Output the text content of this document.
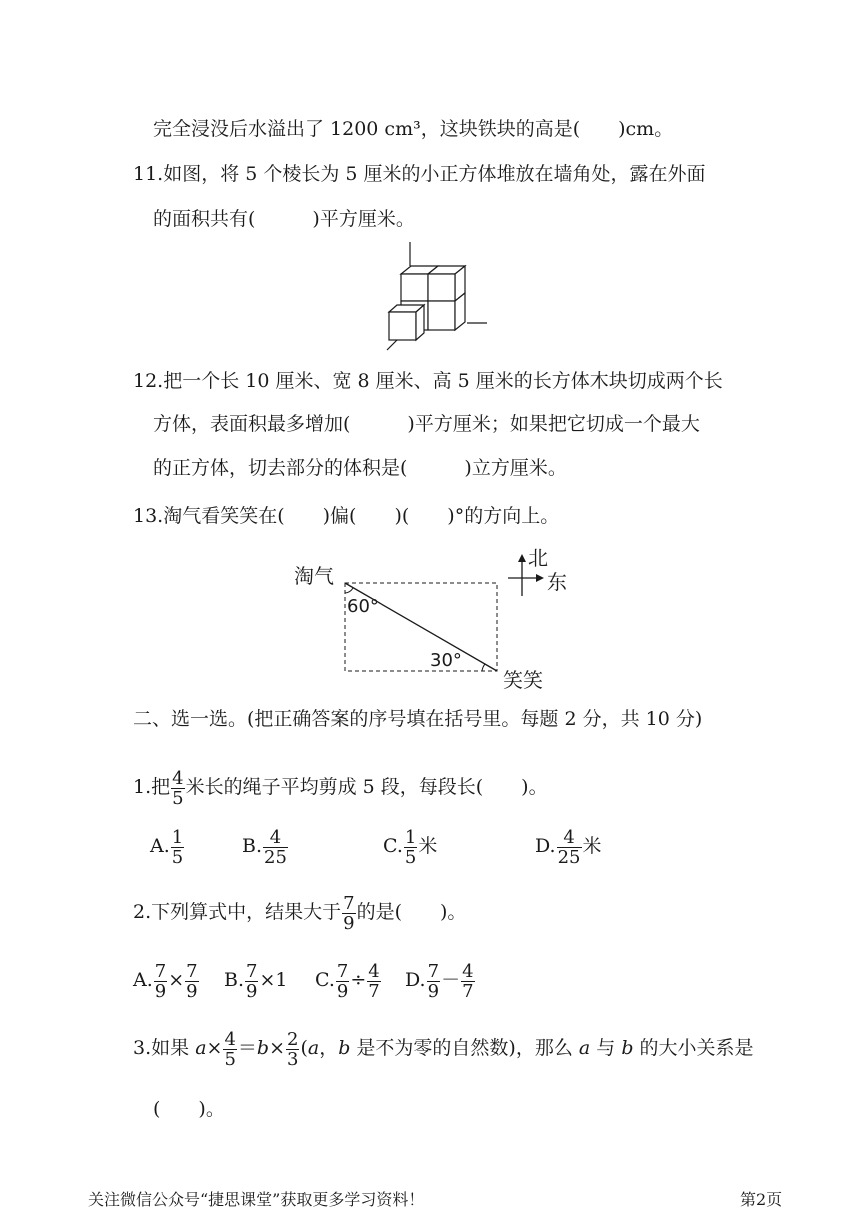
完全浸没后水溢出了 1200 cm³，这块铁块的高是(　　)cm。
11.如图，将 5 个棱长为 5 厘米的小正方体堆放在墙角处，露在外面
的面积共有(　　　)平方厘米。
12.把一个长 10 厘米、宽 8 厘米、高 5 厘米的长方体木块切成两个长
方体，表面积最多增加(　　　)平方厘米；如果把它切成一个最大
的正方体，切去部分的体积是(　　　)立方厘米。
13.淘气看笑笑在(　　)偏(　　)(　　)°的方向上。
淘气
笑笑
北
东
60°
30°
二、选一选。(把正确答案的序号填在括号里。每题 2 分，共 10 分)
1.把 $\frac{4}{5}$ 米长的绳子平均剪成 5 段，每段长(　　)。
A. $\frac{1}{5}$	B. $\frac{4}{25}$	C. $\frac{1}{5}$ 米	D. $\frac{4}{25}$ 米
2.下列算式中，结果大于 $\frac{7}{9}$ 的是(　　)。
A. $\frac{7}{9} \times \frac{7}{9} B$. $\frac{7}{9} \times 1$ C. $\frac{7}{9} \div \frac{4}{7} D$. $\frac{7}{9} - \frac{4}{7}$
3.如果 $a\times \frac{4}{5} =b\times \frac{2}{3} (a$，b 是不为零的自然数)，那么 a 与 b 的大小关系是
(　　)。
关注微信公众号“捷思课堂”获取更多学习资料！	第2页
